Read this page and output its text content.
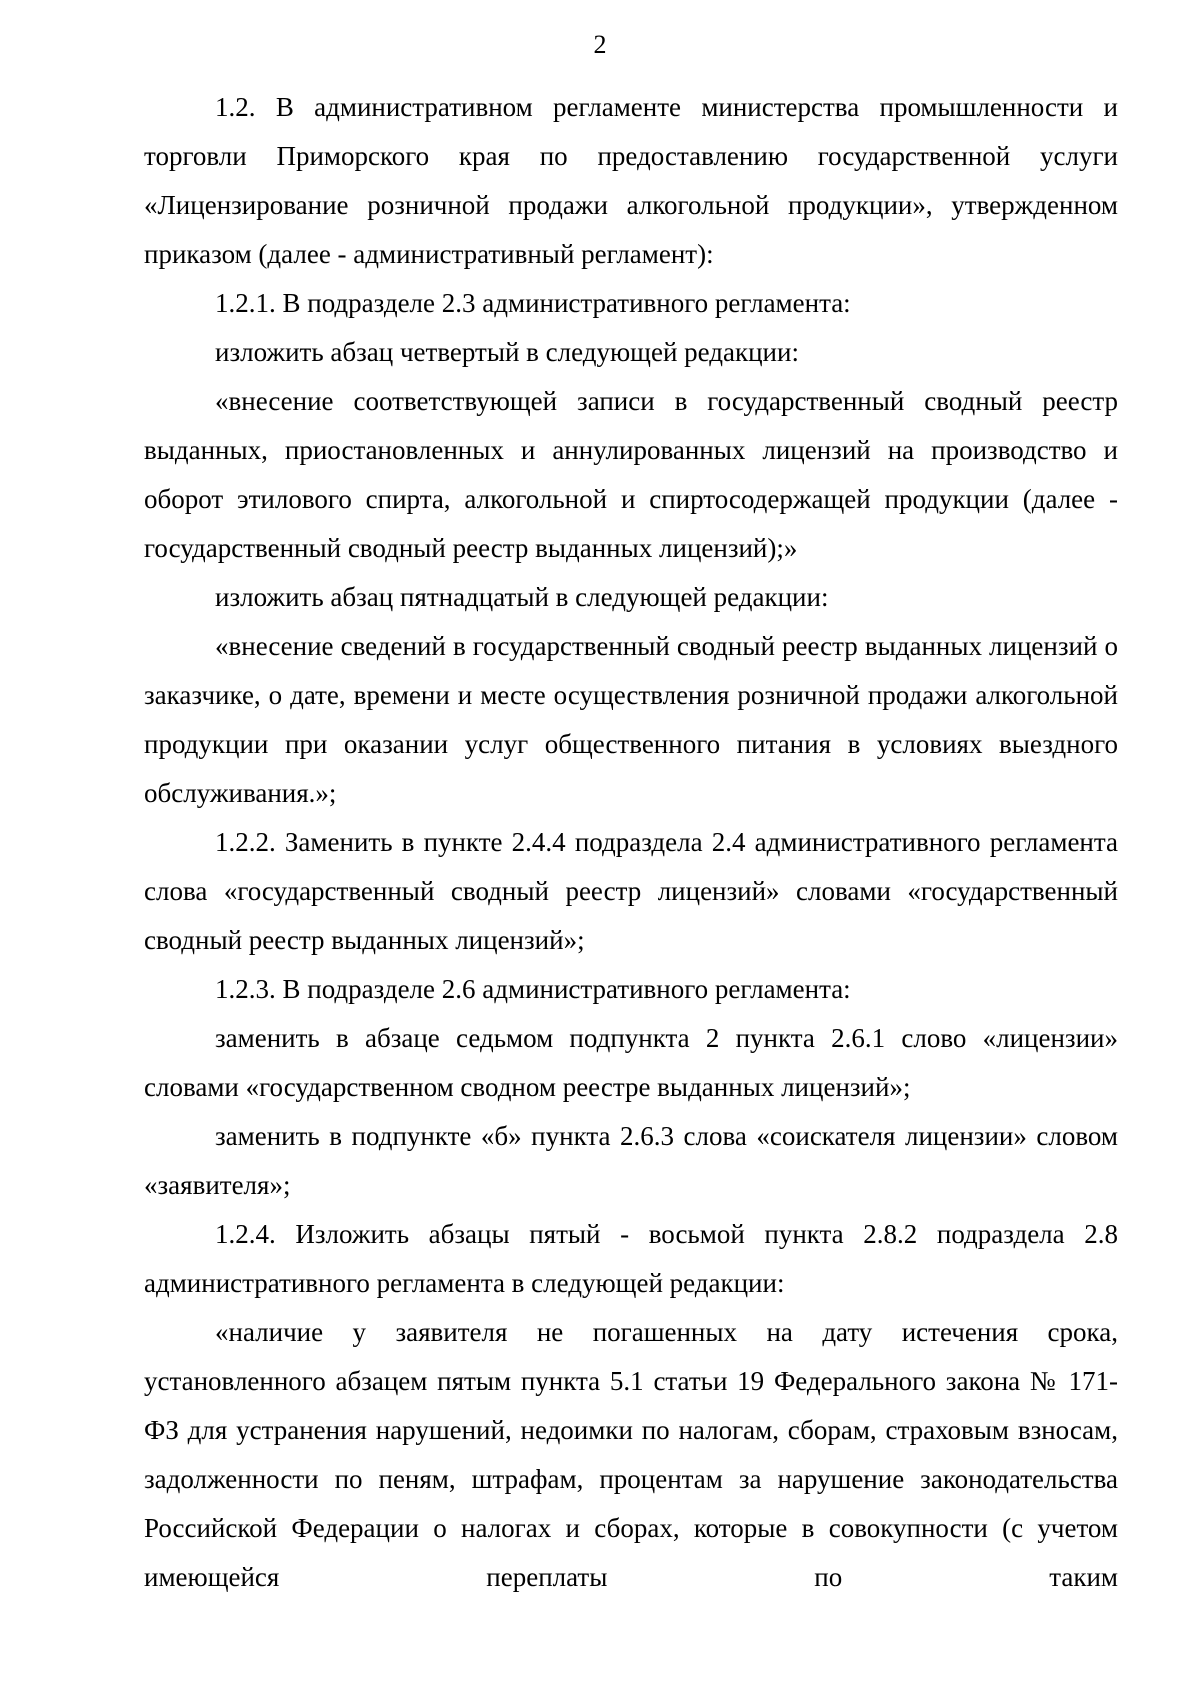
2

1.2. В административном регламенте министерства промышленности и торговли Приморского края по предоставлению государственной услуги «Лицензирование розничной продажи алкогольной продукции», утвержденном приказом (далее - административный регламент):

1.2.1. В подразделе 2.3 административного регламента:

изложить абзац четвертый в следующей редакции:

«внесение соответствующей записи в государственный сводный реестр выданных, приостановленных и аннулированных лицензий на производство и оборот этилового спирта, алкогольной и спиртосодержащей продукции (далее - государственный сводный реестр выданных лицензий);»

изложить абзац пятнадцатый в следующей редакции:

«внесение сведений в государственный сводный реестр выданных лицензий о заказчике, о дате, времени и месте осуществления розничной продажи алкогольной продукции при оказании услуг общественного питания в условиях выездного обслуживания.»;

1.2.2. Заменить в пункте 2.4.4 подраздела 2.4 административного регламента слова «государственный сводный реестр лицензий» словами «государственный сводный реестр выданных лицензий»;

1.2.3. В подразделе 2.6 административного регламента:

заменить в абзаце седьмом подпункта 2 пункта 2.6.1 слово «лицензии» словами «государственном сводном реестре выданных лицензий»;

заменить в подпункте «б» пункта 2.6.3 слова «соискателя лицензии» словом «заявителя»;

1.2.4. Изложить абзацы пятый - восьмой пункта 2.8.2 подраздела 2.8 административного регламента в следующей редакции:

«наличие у заявителя не погашенных на дату истечения срока, установленного абзацем пятым пункта 5.1 статьи 19 Федерального закона № 171-ФЗ для устранения нарушений, недоимки по налогам, сборам, страховым взносам, задолженности по пеням, штрафам, процентам за нарушение законодательства Российской Федерации о налогах и сборах, которые в совокупности (с учетом имеющейся переплаты по таким
